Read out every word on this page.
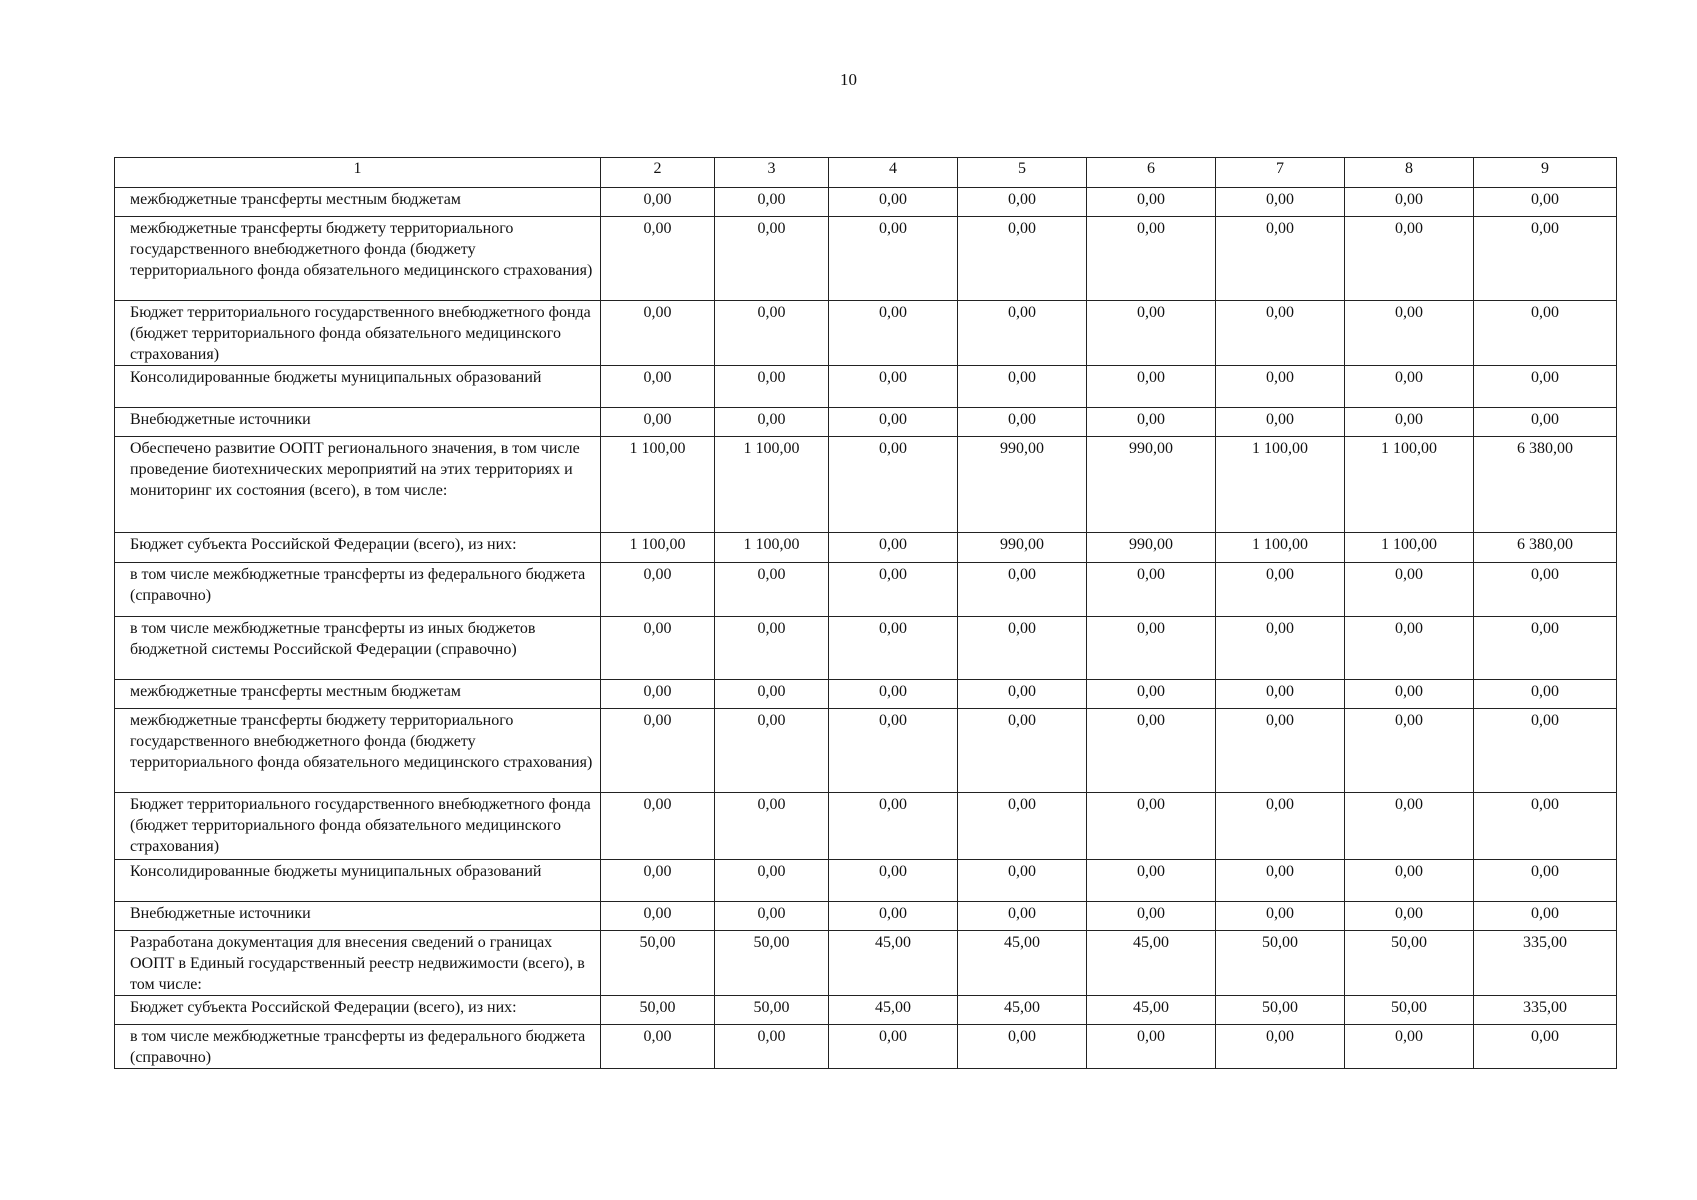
10
1	2	3	4	5	6	7	8	9
межбюджетные трансферты местным бюджетам	0,00	0,00	0,00	0,00	0,00	0,00	0,00	0,00
межбюджетные трансферты бюджету территориального государственного внебюджетного фонда (бюджету территориального фонда обязательного медицинского страхования)	0,00	0,00	0,00	0,00	0,00	0,00	0,00	0,00
Бюджет территориального государственного внебюджетного фонда (бюджет территориального фонда обязательного медицинского страхования)	0,00	0,00	0,00	0,00	0,00	0,00	0,00	0,00
Консолидированные бюджеты муниципальных образований	0,00	0,00	0,00	0,00	0,00	0,00	0,00	0,00
Внебюджетные источники	0,00	0,00	0,00	0,00	0,00	0,00	0,00	0,00
Обеспечено развитие ООПТ регионального значения, в том числе проведение биотехнических мероприятий на этих территориях и мониторинг их состояния (всего), в том числе:	1 100,00	1 100,00	0,00	990,00	990,00	1 100,00	1 100,00	6 380,00
Бюджет субъекта Российской Федерации (всего), из них:	1 100,00	1 100,00	0,00	990,00	990,00	1 100,00	1 100,00	6 380,00
в том числе межбюджетные трансферты из федерального бюджета (справочно)	0,00	0,00	0,00	0,00	0,00	0,00	0,00	0,00
в том числе межбюджетные трансферты из иных бюджетов бюджетной системы Российской Федерации (справочно)	0,00	0,00	0,00	0,00	0,00	0,00	0,00	0,00
межбюджетные трансферты местным бюджетам	0,00	0,00	0,00	0,00	0,00	0,00	0,00	0,00
межбюджетные трансферты бюджету территориального государственного внебюджетного фонда (бюджету территориального фонда обязательного медицинского страхования)	0,00	0,00	0,00	0,00	0,00	0,00	0,00	0,00
Бюджет территориального государственного внебюджетного фонда (бюджет территориального фонда обязательного медицинского страхования)	0,00	0,00	0,00	0,00	0,00	0,00	0,00	0,00
Консолидированные бюджеты муниципальных образований	0,00	0,00	0,00	0,00	0,00	0,00	0,00	0,00
Внебюджетные источники	0,00	0,00	0,00	0,00	0,00	0,00	0,00	0,00
Разработана документация для внесения сведений о границах ООПТ в Единый государственный реестр недвижимости (всего), в том числе:	50,00	50,00	45,00	45,00	45,00	50,00	50,00	335,00
Бюджет субъекта Российской Федерации (всего), из них:	50,00	50,00	45,00	45,00	45,00	50,00	50,00	335,00
в том числе межбюджетные трансферты из федерального бюджета (справочно)	0,00	0,00	0,00	0,00	0,00	0,00	0,00	0,00
